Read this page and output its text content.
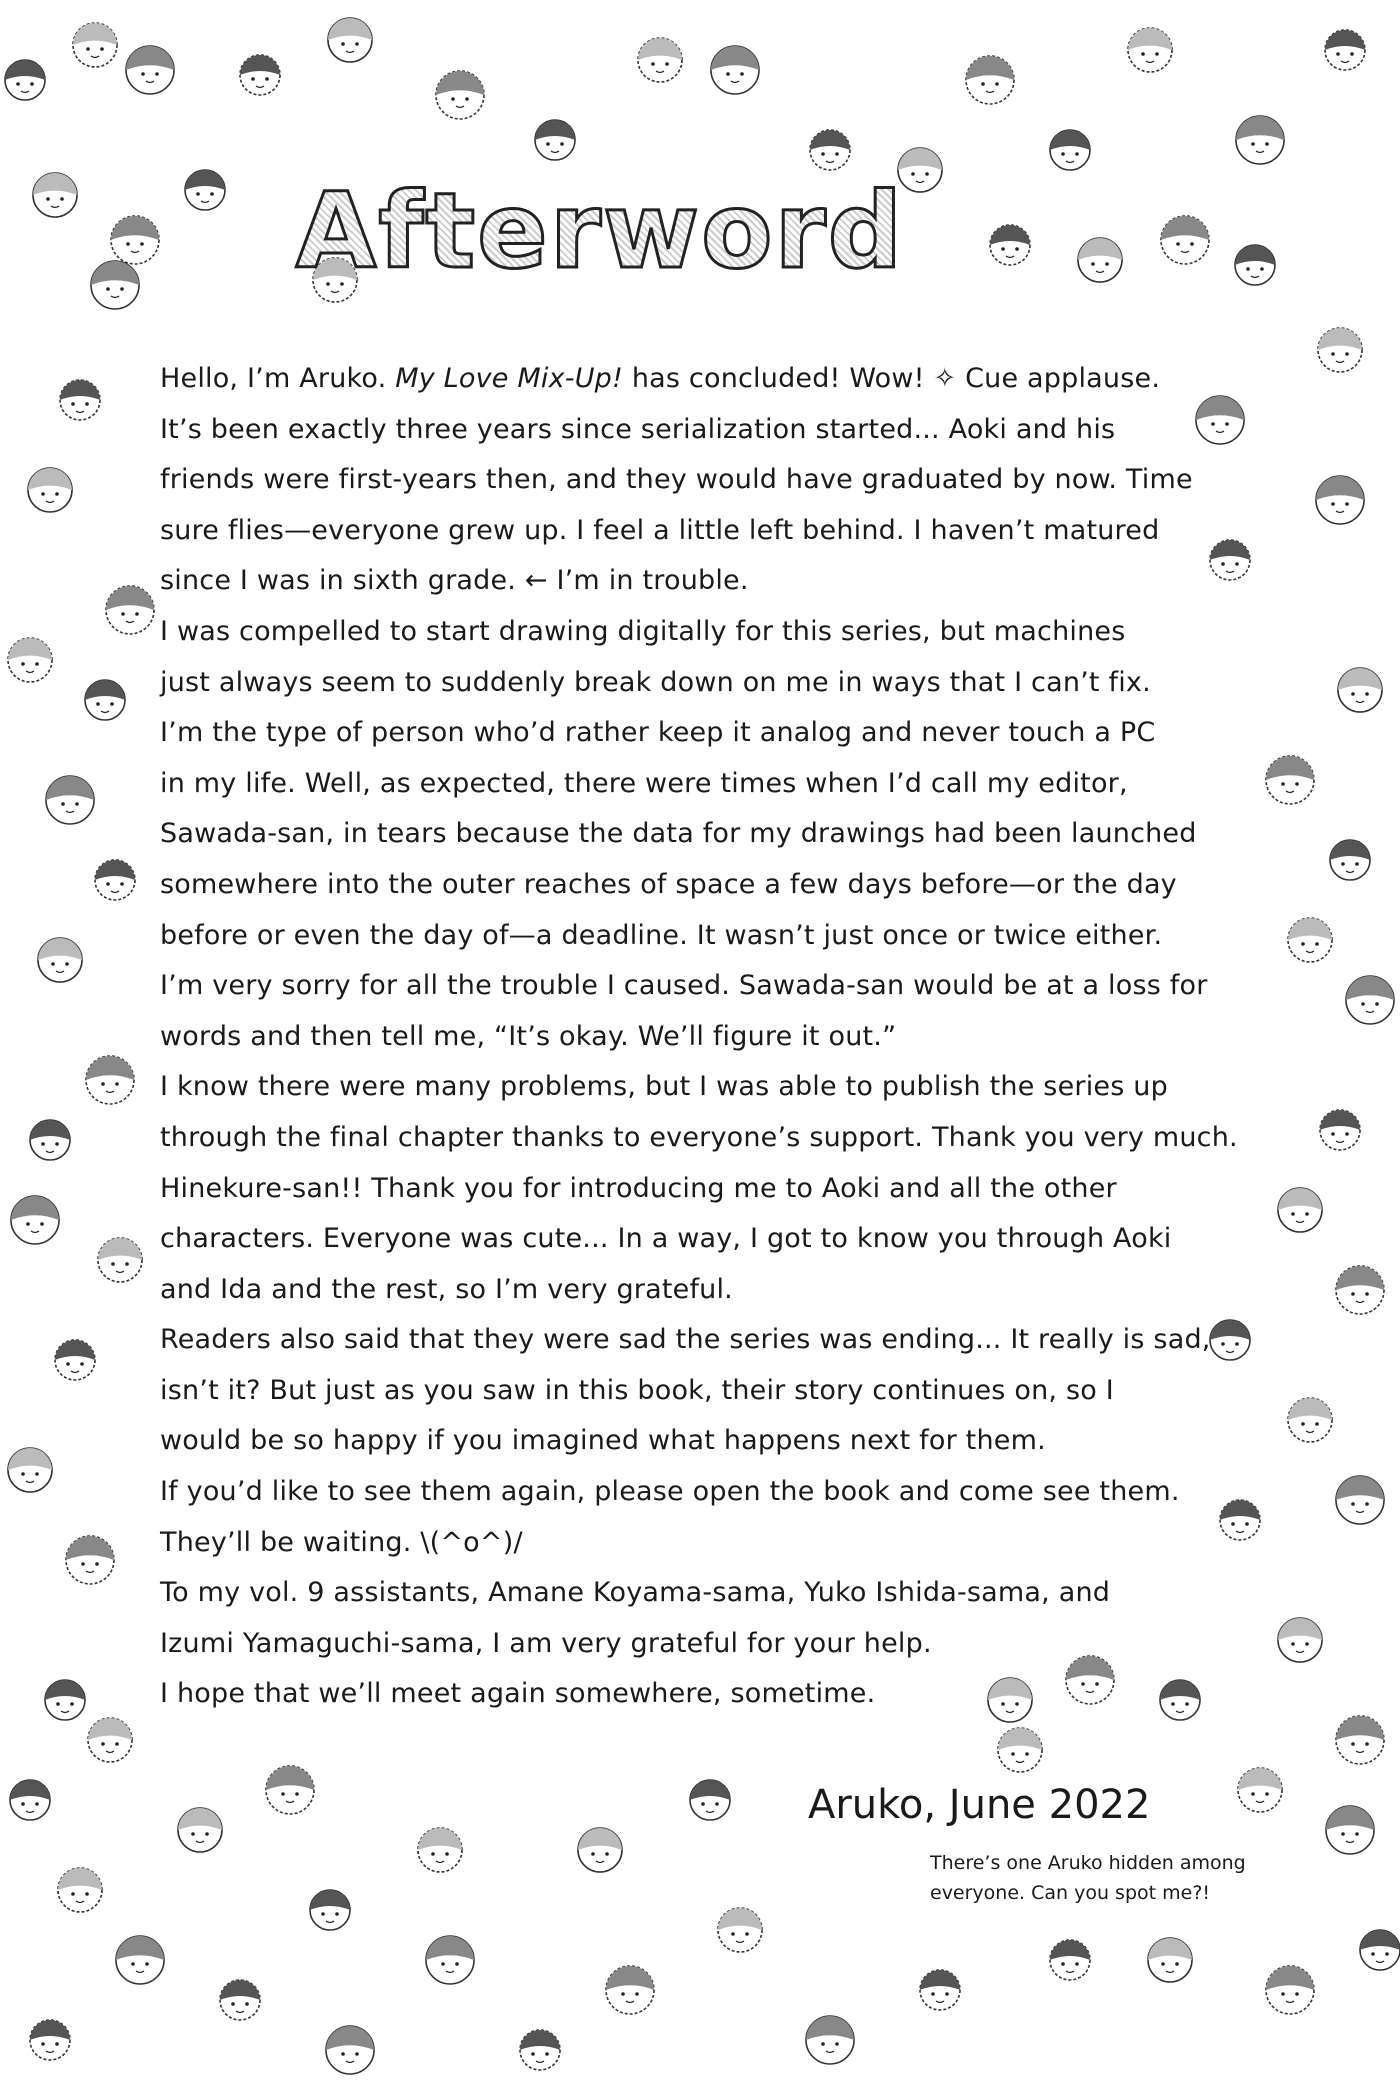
Afterword
Hello, I’m Aruko. My Love Mix-Up! has concluded! Wow! ✧ Cue applause.
It’s been exactly three years since serialization started... Aoki and his
friends were first-years then, and they would have graduated by now. Time
sure flies—everyone grew up. I feel a little left behind. I haven’t matured
since I was in sixth grade. ← I’m in trouble.
I was compelled to start drawing digitally for this series, but machines
just always seem to suddenly break down on me in ways that I can’t fix.
I’m the type of person who’d rather keep it analog and never touch a PC
in my life. Well, as expected, there were times when I’d call my editor,
Sawada-san, in tears because the data for my drawings had been launched
somewhere into the outer reaches of space a few days before—or the day
before or even the day of—a deadline. It wasn’t just once or twice either.
I’m very sorry for all the trouble I caused. Sawada-san would be at a loss for
words and then tell me, “It’s okay. We’ll figure it out.”
I know there were many problems, but I was able to publish the series up
through the final chapter thanks to everyone’s support. Thank you very much.
Hinekure-san!! Thank you for introducing me to Aoki and all the other
characters. Everyone was cute... In a way, I got to know you through Aoki
and Ida and the rest, so I’m very grateful.
Readers also said that they were sad the series was ending... It really is sad,
isn’t it? But just as you saw in this book, their story continues on, so I
would be so happy if you imagined what happens next for them.
If you’d like to see them again, please open the book and come see them.
They’ll be waiting. \(^o^)/
To my vol. 9 assistants, Amane Koyama-sama, Yuko Ishida-sama, and
Izumi Yamaguchi-sama, I am very grateful for your help.
I hope that we’ll meet again somewhere, sometime.
Aruko, June 2022
There’s one Aruko hidden among
everyone. Can you spot me?!
